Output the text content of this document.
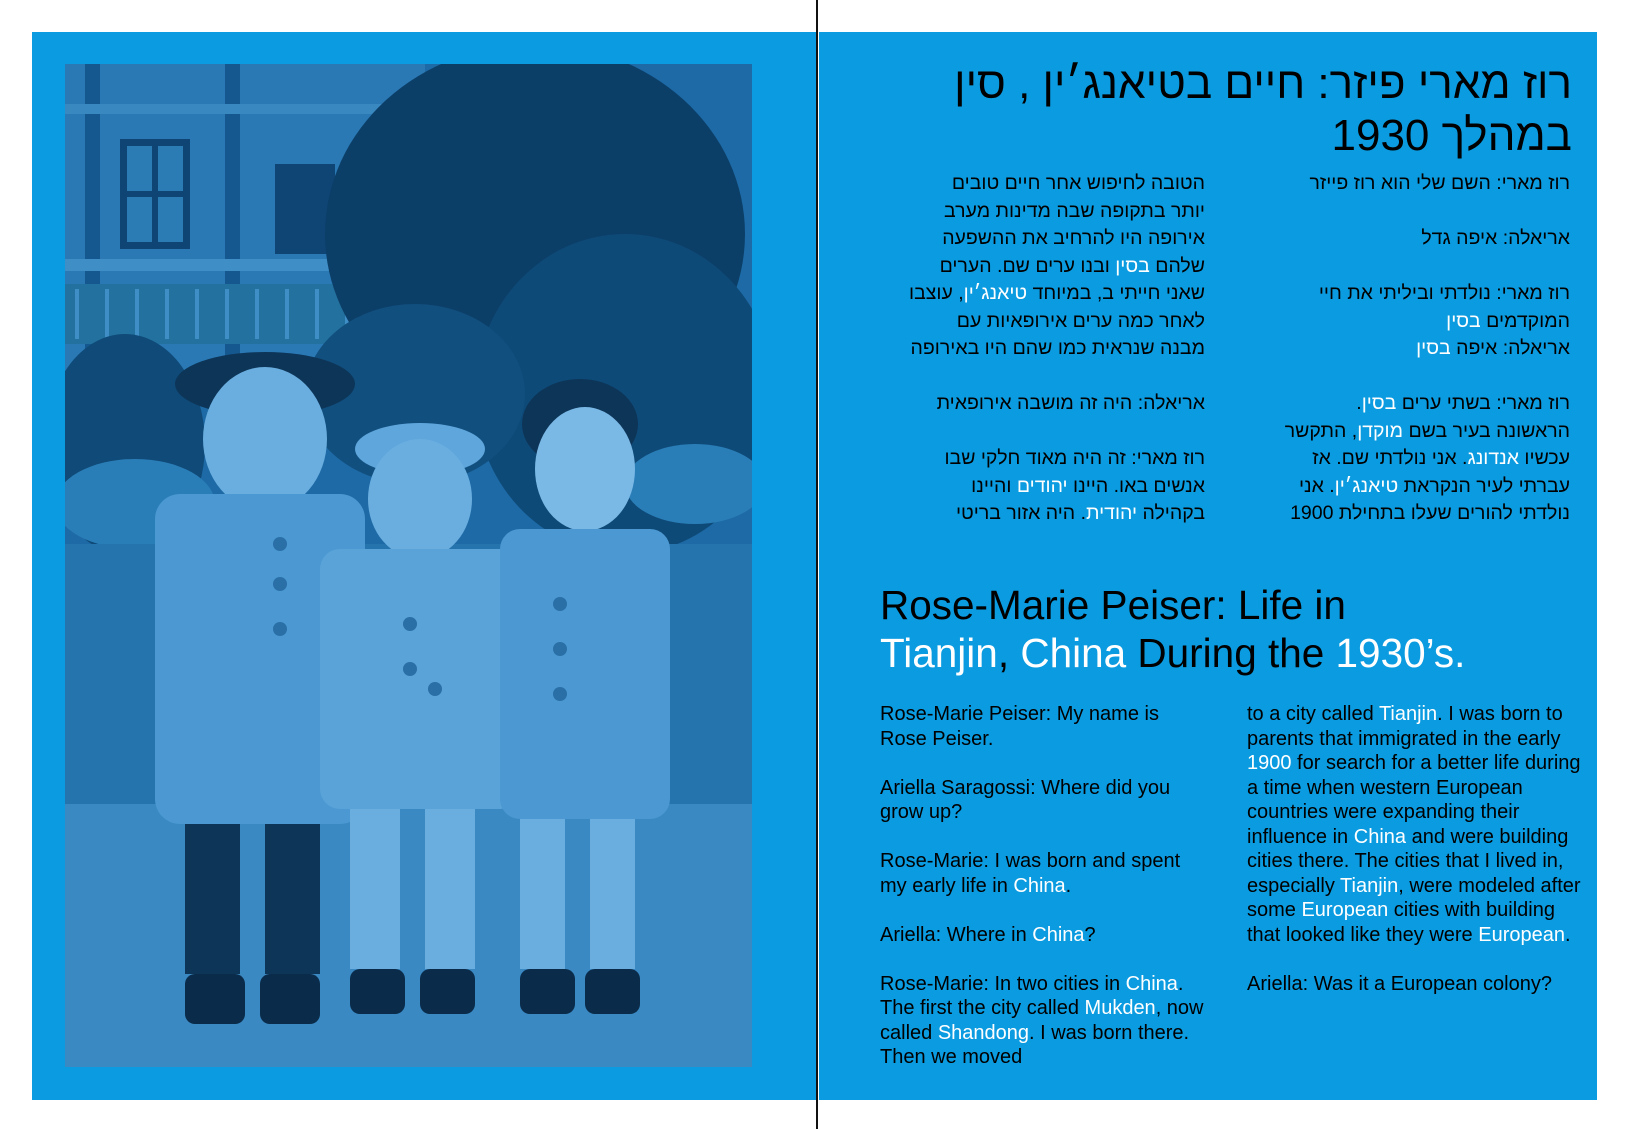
רוז מארי פיזר: חיים בטיאנג׳ין , סין
במהלך 1930

רוז מארי: השם שלי הוא רוז פייזר

אריאלה: איפה גדל

רוז מארי: נולדתי וביליתי את חיי
המוקדמים בסין

אריאלה: איפה בסין

רוז מארי: בשתי ערים בסין.
הראשונה בעיר בשם מוקדן, התקשר
עכשיו אנדונג. אני נולדתי שם. אז
עברתי לעיר הנקראת טיאנג׳ין. אני
נולדתי להורים שעלו בתחילת 1900

הטובה לחיפוש אחר חיים טובים
יותר בתקופה שבה מדינות מערב
אירופה היו להרחיב את ההשפעה
שלהם בסין ובנו ערים שם. הערים
שאני חייתי ב, במיוחד טיאנג׳ין, עוצבו
לאחר כמה ערים אירופאיות עם
מבנה שנראית כמו שהם היו באירופה

אריאלה: היה זה מושבה אירופאית

רוז מארי: זה היה מאוד חלקי שבו
אנשים באו. היינו יהודים והיינו
בקהילה יהודית. היה אזור בריטי

Rose-Marie Peiser: Life in
Tianjin, China During the 1930’s.

Rose-Marie Peiser: My name is Rose Peiser.

Ariella Saragossi: Where did you grow up?

Rose-Marie: I was born and spent my early life in China.

Ariella: Where in China?

Rose-Marie: In two cities in China. The first the city called Mukden, now called Shandong. I was born there. Then we moved

to a city called Tianjin. I was born to parents that immigrated in the early 1900 for search for a better life during a time when western European countries were expanding their influence in China and were building cities there. The cities that I lived in, especially Tianjin, were modeled after some European cities with building that looked like they were European.

Ariella: Was it a European colony?
